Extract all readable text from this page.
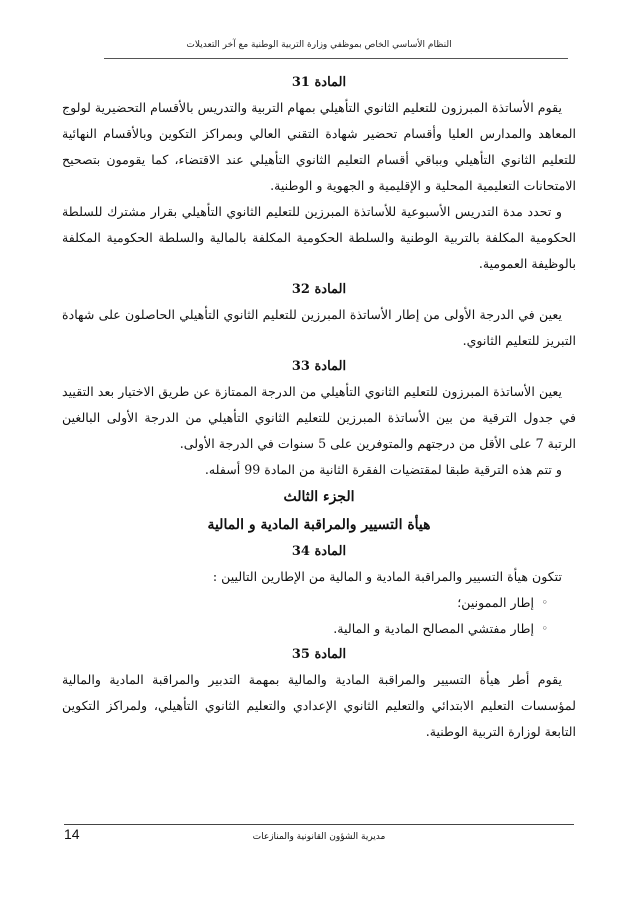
النظام الأساسي الخاص بموظفي وزارة التربية الوطنية مع آخر التعديلات

المادة 31

يقوم الأساتذة المبرزون للتعليم الثانوي التأهيلي بمهام التربية والتدريس بالأقسام التحضيرية لولوج المعاهد والمدارس العليا وأقسام تحضير شهادة التقني العالي وبمراكز التكوين وبالأقسام النهائية للتعليم الثانوي التأهيلي وبباقي أقسام التعليم الثانوي التأهيلي عند الاقتضاء، كما يقومون بتصحيح الامتحانات التعليمية المحلية و الإقليمية و الجهوية و الوطنية.

و تحدد مدة التدريس الأسبوعية للأساتذة المبرزين للتعليم الثانوي التأهيلي بقرار مشترك للسلطة الحكومية المكلفة بالتربية الوطنية والسلطة الحكومية المكلفة بالمالية والسلطة الحكومية المكلفة بالوظيفة العمومية.

المادة 32

يعين في الدرجة الأولى من إطار الأساتذة المبرزين للتعليم الثانوي التأهيلي الحاصلون على شهادة التبريز للتعليم الثانوي.

المادة 33

يعين الأساتذة المبرزون للتعليم الثانوي التأهيلي من الدرجة الممتازة عن طريق الاختيار بعد التقييد في جدول الترقية من بين الأساتذة المبرزين للتعليم الثانوي التأهيلي من الدرجة الأولى البالغين الرتبة 7 على الأقل من درجتهم والمتوفرين على 5 سنوات في الدرجة الأولى.

و تتم هذه الترقية طبقا لمقتضيات الفقرة الثانية من المادة 99 أسفله.

الجزء الثالث

هيأة التسيير والمراقبة المادية و المالية

المادة 34

تتكون هيأة التسيير والمراقبة المادية و المالية من الإطارين التاليين :

◦ إطار الممونين؛
◦ إطار مفتشي المصالح المادية و المالية.

المادة 35

يقوم أطر هيأة التسيير والمراقبة المادية والمالية بمهمة التدبير والمراقبة المادية والمالية لمؤسسات التعليم الابتدائي والتعليم الثانوي الإعدادي والتعليم الثانوي التأهيلي، ولمراكز التكوين التابعة لوزارة التربية الوطنية.

مديرية الشؤون القانونية والمنازعات
14
